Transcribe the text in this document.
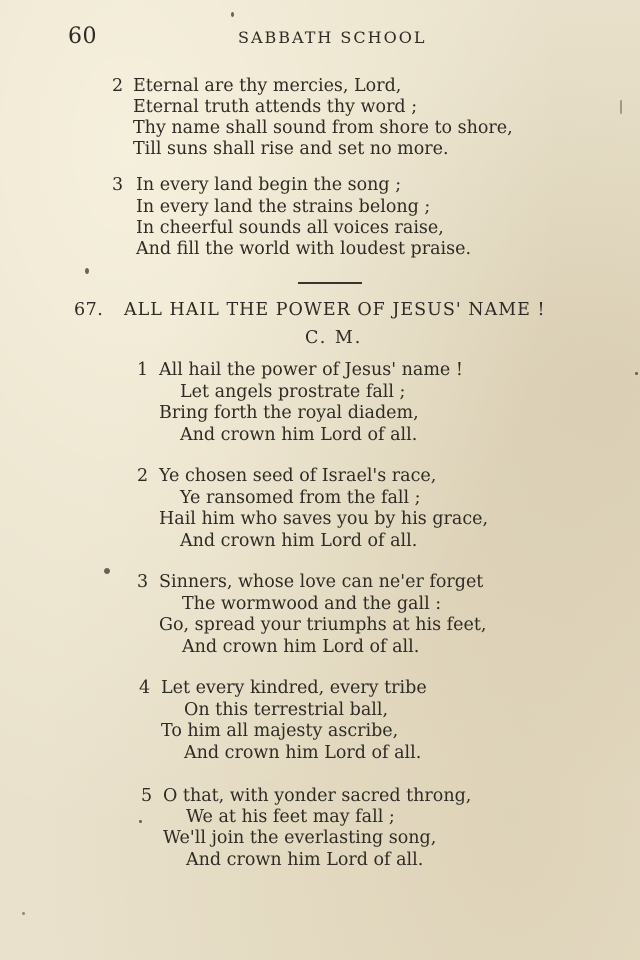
60	SABBATH SCHOOL
2 Eternal are thy mercies, Lord,
Eternal truth attends thy word ;
Thy name shall sound from shore to shore,
Till suns shall rise and set no more.
3 In every land begin the song ;
In every land the strains belong ;
In cheerful sounds all voices raise,
And fill the world with loudest praise.
67. ALL HAIL THE POWER OF JESUS' NAME !
C. M.
1 All hail the power of Jesus' name !
Let angels prostrate fall ;
Bring forth the royal diadem,
And crown him Lord of all.
2 Ye chosen seed of Israel's race,
Ye ransomed from the fall ;
Hail him who saves you by his grace,
And crown him Lord of all.
3 Sinners, whose love can ne'er forget
The wormwood and the gall :
Go, spread your triumphs at his feet,
And crown him Lord of all.
4 Let every kindred, every tribe
On this terrestrial ball,
To him all majesty ascribe,
And crown him Lord of all.
5 O that, with yonder sacred throng,
We at his feet may fall ;
We'll join the everlasting song,
And crown him Lord of all.
